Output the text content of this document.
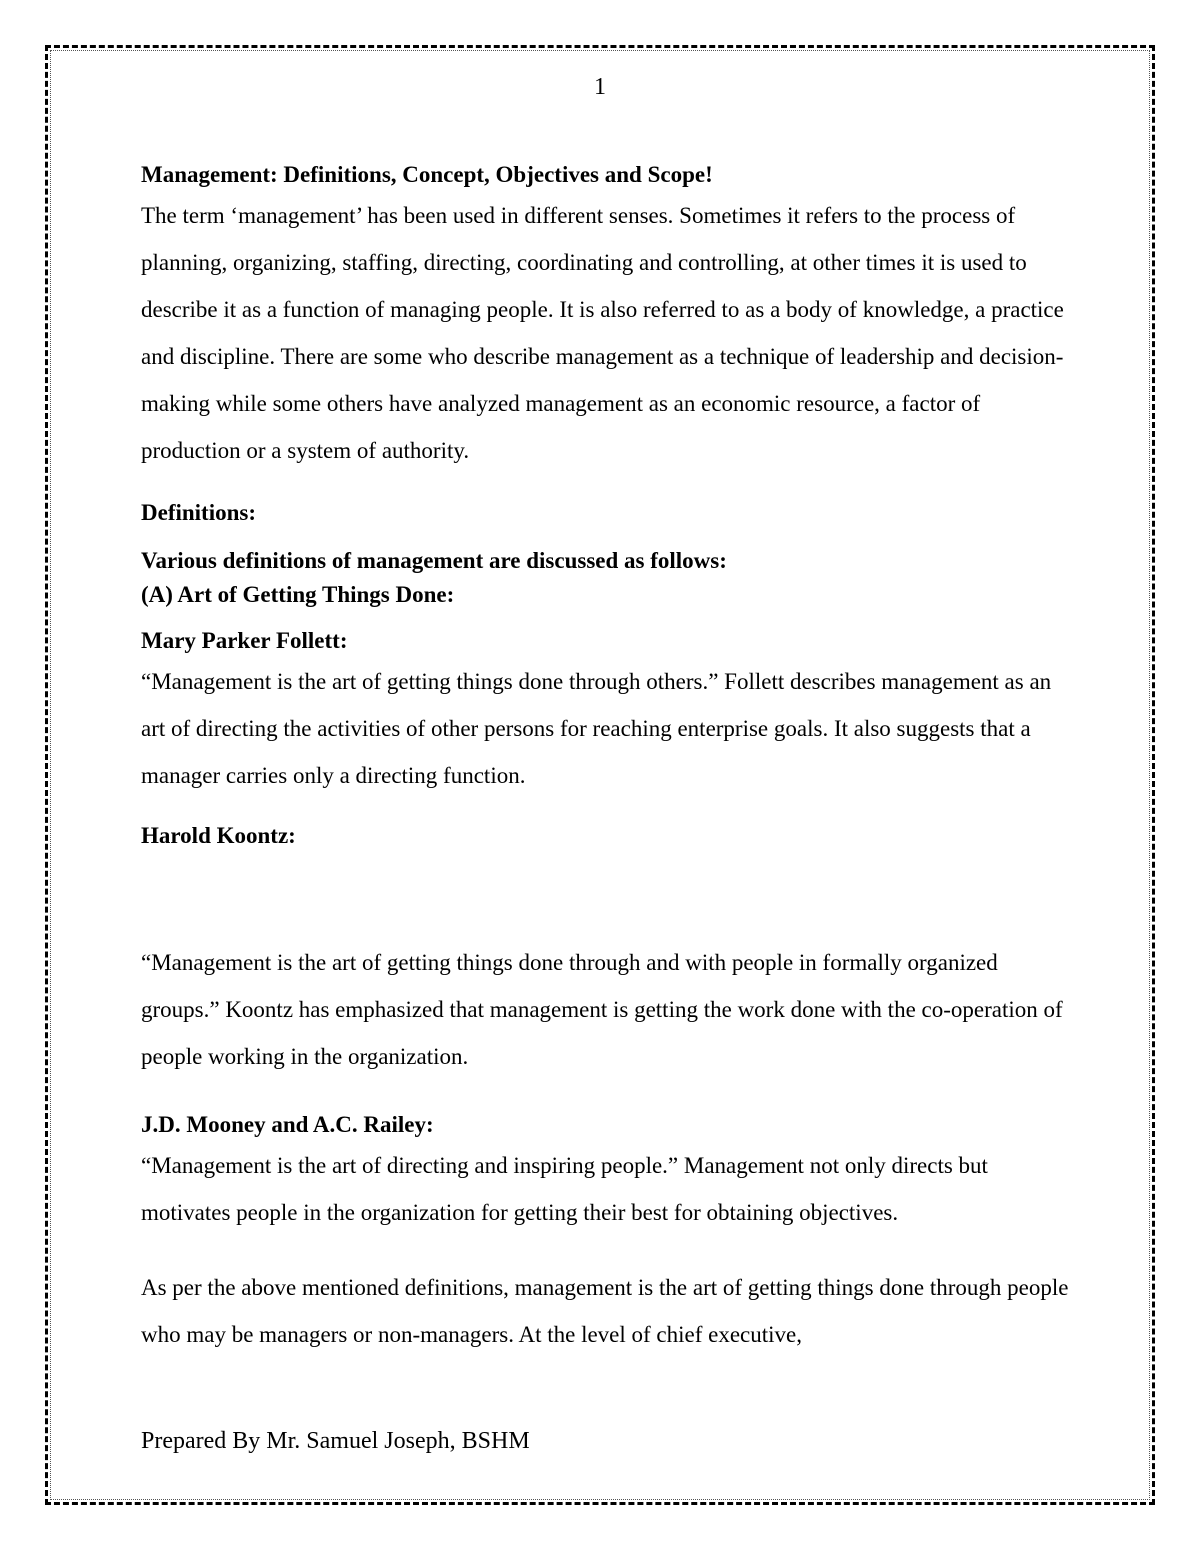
1

Management: Definitions, Concept, Objectives and Scope!

The term ‘management’ has been used in different senses. Sometimes it refers to the process of planning, organizing, staffing, directing, coordinating and controlling, at other times it is used to describe it as a function of managing people. It is also referred to as a body of knowledge, a practice and discipline. There are some who describe management as a technique of leadership and decision-making while some others have analyzed management as an economic resource, a factor of production or a system of authority.

Definitions:

Various definitions of management are discussed as follows:

(A) Art of Getting Things Done:

Mary Parker Follett:

“Management is the art of getting things done through others.” Follett describes management as an art of directing the activities of other persons for reaching enterprise goals. It also suggests that a manager carries only a directing function.

Harold Koontz:

“Management is the art of getting things done through and with people in formally organized groups.” Koontz has emphasized that management is getting the work done with the co-operation of people working in the organization.

J.D. Mooney and A.C. Railey:

“Management is the art of directing and inspiring people.” Management not only directs but motivates people in the organization for getting their best for obtaining objectives.

As per the above mentioned definitions, management is the art of getting things done through people who may be managers or non-managers. At the level of chief executive,

Prepared By Mr. Samuel Joseph, BSHM
